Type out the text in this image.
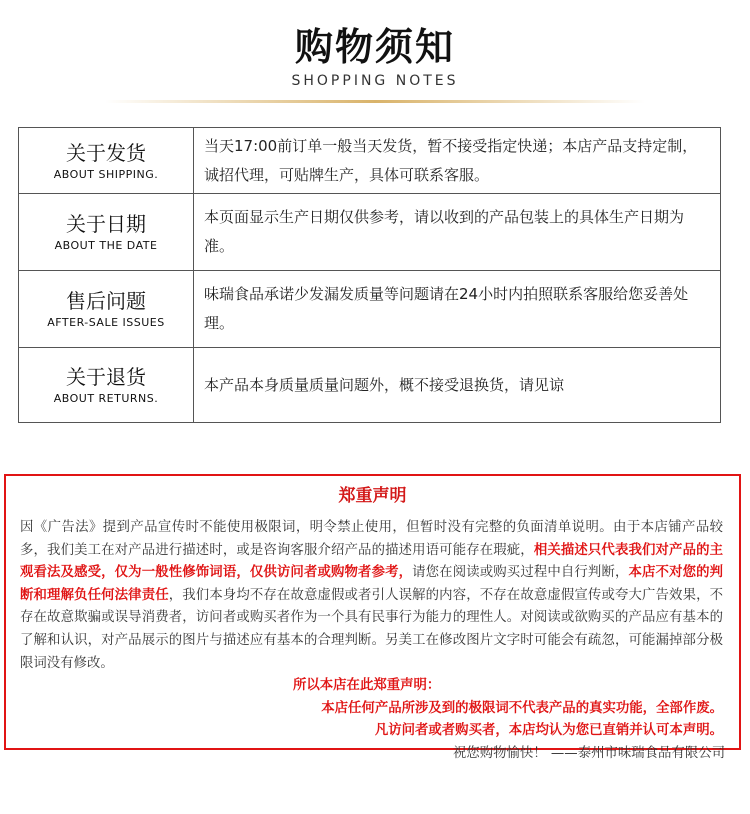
购物须知
SHOPPING NOTES
关于发货
ABOUT SHIPPING.	当天17:00前订单一般当天发货，暂不接受指定快递；本店产品支持定制，诚招代理，可贴牌生产，具体可联系客服。

关于日期
ABOUT THE DATE	本页面显示生产日期仅供参考，请以收到的产品包装上的具体生产日期为准。

售后问题
AFTER-SALE ISSUES	味瑞食品承诺少发漏发质量等问题请在24小时内拍照联系客服给您妥善处理。

关于退货
ABOUT RETURNS.	本产品本身质量质量问题外，概不接受退换货，请见谅
郑重声明
因《广告法》提到产品宣传时不能使用极限词，明令禁止使用，但暂时没有完整的负面清单说明。由于本店铺产品较多，我们美工在对产品进行描述时，或是咨询客服介绍产品的描述用语可能存在瑕疵，相关描述只代表我们对产品的主观看法及感受，仅为一般性修饰词语，仅供访问者或购物者参考，请您在阅读或购买过程中自行判断，本店不对您的判断和理解负任何法律责任，我们本身均不存在故意虚假或者引人误解的内容，不存在故意虚假宣传或夸大广告效果，不存在故意欺骗或误导消费者，访问者或购买者作为一个具有民事行为能力的理性人。对阅读或欲购买的产品应有基本的了解和认识，对产品展示的图片与描述应有基本的合理判断。另美工在修改图片文字时可能会有疏忽，可能漏掉部分极限词没有修改。
所以本店在此郑重声明：
本店任何产品所涉及到的极限词不代表产品的真实功能，全部作废。
凡访问者或者购买者，本店均认为您已直销并认可本声明。
祝您购物愉快！ ——泰州市味瑞食品有限公司
